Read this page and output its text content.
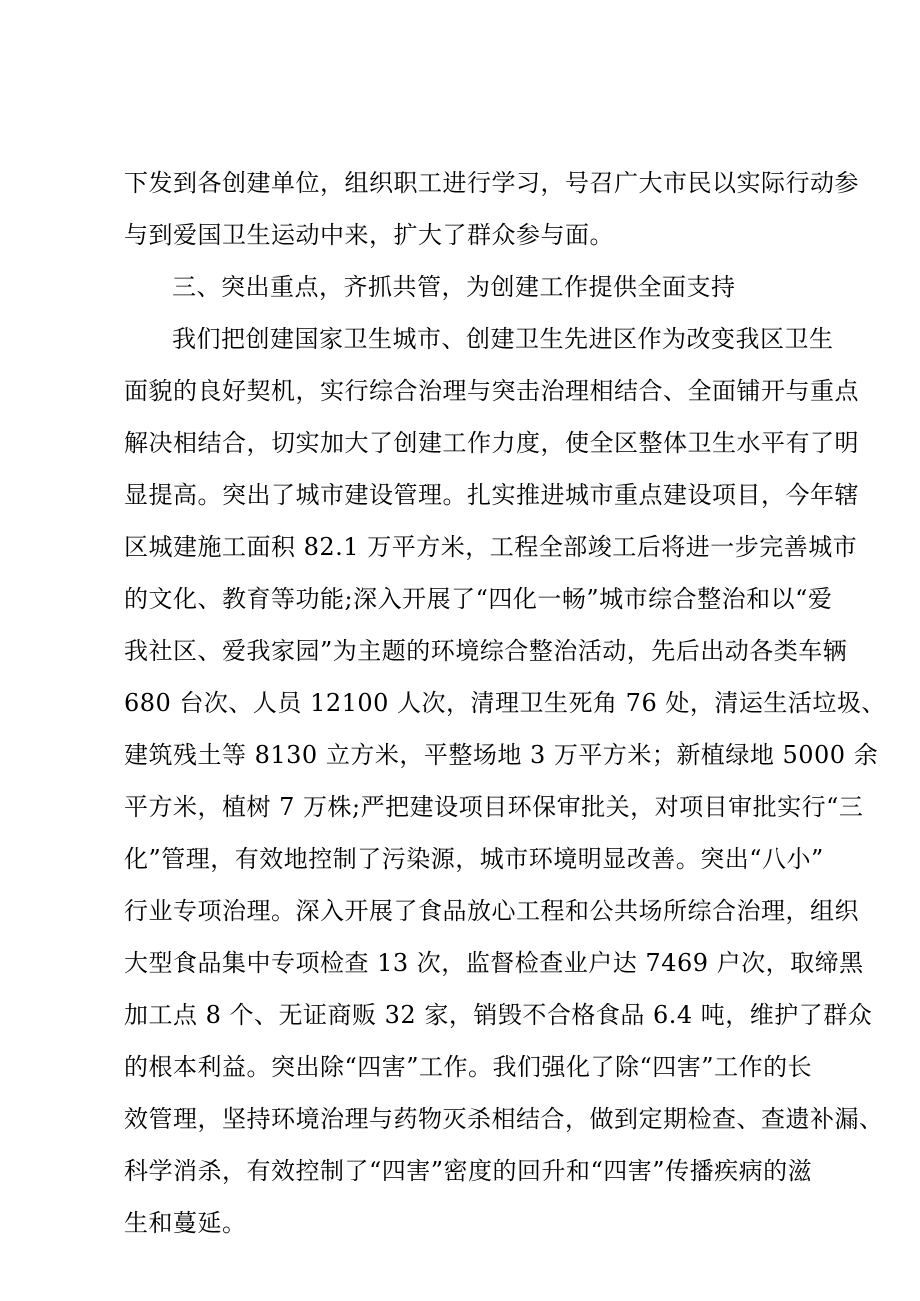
下发到各创建单位，组织职工进行学习，号召广大市民以实际行动参
与到爱国卫生运动中来，扩大了群众参与面。
三、突出重点，齐抓共管，为创建工作提供全面支持
我们把创建国家卫生城市、创建卫生先进区作为改变我区卫生
面貌的良好契机，实行综合治理与突击治理相结合、全面铺开与重点
解决相结合，切实加大了创建工作力度，使全区整体卫生水平有了明
显提高。突出了城市建设管理。扎实推进城市重点建设项目，今年辖
区城建施工面积 82.1 万平方米，工程全部竣工后将进一步完善城市
的文化、教育等功能;深入开展了“四化一畅”城市综合整治和以“爱
我社区、爱我家园”为主题的环境综合整治活动，先后出动各类车辆
680 台次、人员 12100 人次，清理卫生死角 76 处，清运生活垃圾、
建筑残土等 8130 立方米，平整场地 3 万平方米；新植绿地 5000 余
平方米，植树 7 万株;严把建设项目环保审批关，对项目审批实行“三
化”管理，有效地控制了污染源，城市环境明显改善。突出“八小”
行业专项治理。深入开展了食品放心工程和公共场所综合治理，组织
大型食品集中专项检查 13 次，监督检查业户达 7469 户次，取缔黑
加工点 8 个、无证商贩 32 家，销毁不合格食品 6.4 吨，维护了群众
的根本利益。突出除“四害”工作。我们强化了除“四害”工作的长
效管理，坚持环境治理与药物灭杀相结合，做到定期检查、查遗补漏、
科学消杀，有效控制了“四害”密度的回升和“四害”传播疾病的滋
生和蔓延。
